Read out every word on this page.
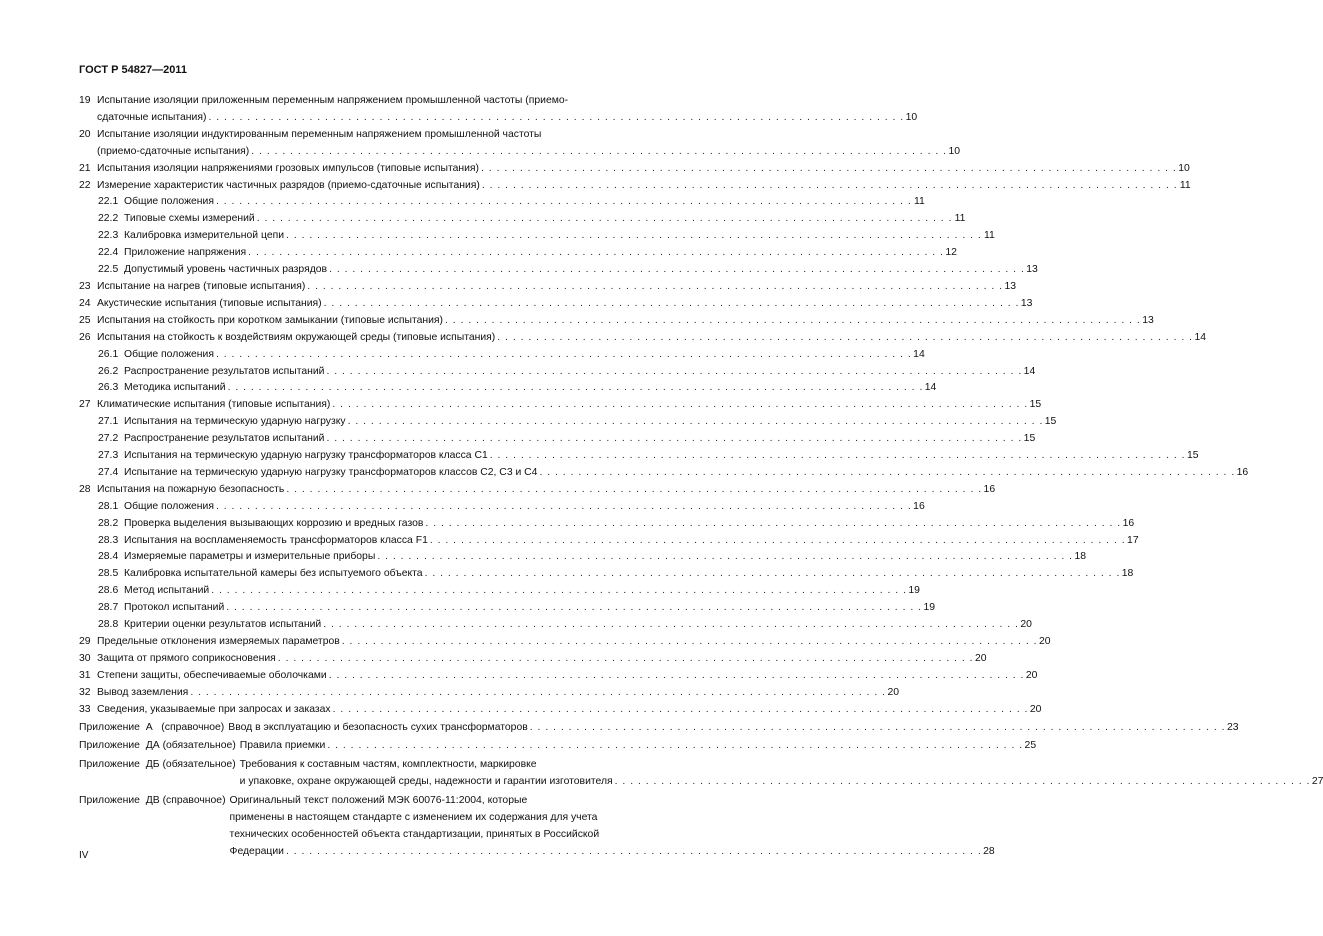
ГОСТ Р 54827—2011
19 Испытание изоляции приложенным переменным напряжением промышленной частоты (приемо-
сдаточные испытания) . . .	10
20 Испытание изоляции индуктированным переменным напряжением промышленной частоты
(приемо-сдаточные испытания) . . .	10
21 Испытания изоляции напряжениями грозовых импульсов (типовые испытания) . . .	10
22 Измерение характеристик частичных разрядов (приемо-сдаточные испытания) . . .	11
22.1 Общие положения . . .	11
22.2 Типовые схемы измерений . . .	11
22.3 Калибровка измерительной цепи . . .	11
22.4 Приложение напряжения . . .	12
22.5 Допустимый уровень частичных разрядов . . .	13
23 Испытание на нагрев (типовые испытания) . . .	13
24 Акустические испытания (типовые испытания) . . .	13
25 Испытания на стойкость при коротком замыкании (типовые испытания) . . .	13
26 Испытания на стойкость к воздействиям окружающей среды (типовые испытания) . . .	14
26.1 Общие положения . . .	14
26.2 Распространение результатов испытаний . . .	14
26.3 Методика испытаний . . .	14
27 Климатические испытания (типовые испытания) . . .	15
27.1 Испытания на термическую ударную нагрузку . . .	15
27.2 Распространение результатов испытаний . . .	15
27.3 Испытания на термическую ударную нагрузку трансформаторов класса C1 . . .	15
27.4 Испытание на термическую ударную нагрузку трансформаторов классов C2, C3 и C4 . . .	16
28 Испытания на пожарную безопасность . . .	16
28.1 Общие положения . . .	16
28.2 Проверка выделения вызывающих коррозию и вредных газов . . .	16
28.3 Испытания на воспламеняемость трансформаторов класса F1 . . .	17
28.4 Измеряемые параметры и измерительные приборы . . .	18
28.5 Калибровка испытательной камеры без испытуемого объекта . . .	18
28.6 Метод испытаний . . .	19
28.7 Протокол испытаний . . .	19
28.8 Критерии оценки результатов испытаний . . .	20
29 Предельные отклонения измеряемых параметров . . .	20
30 Защита от прямого соприкосновения . . .	20
31 Степени защиты, обеспечиваемые оболочками . . .	20
32 Вывод заземления . . .	20
33 Сведения, указываемые при запросах и заказах . . .	20
Приложение  А   (справочное) Ввод в эксплуатацию и безопасность сухих трансформаторов . . .	23
Приложение  ДА (обязательное) Правила приемки . . .	25
Приложение  ДБ (обязательное) Требования к составным частям, комплектности, маркировке
и упаковке, охране окружающей среды, надежности и гарантии изготовителя . . .	27
Приложение  ДВ (справочное) Оригинальный текст положений МЭК 60076-11:2004, которые
применены в настоящем стандарте с изменением их содержания для учета
технических особенностей объекта стандартизации, принятых в Российской
Федерации . . .	28
IV
